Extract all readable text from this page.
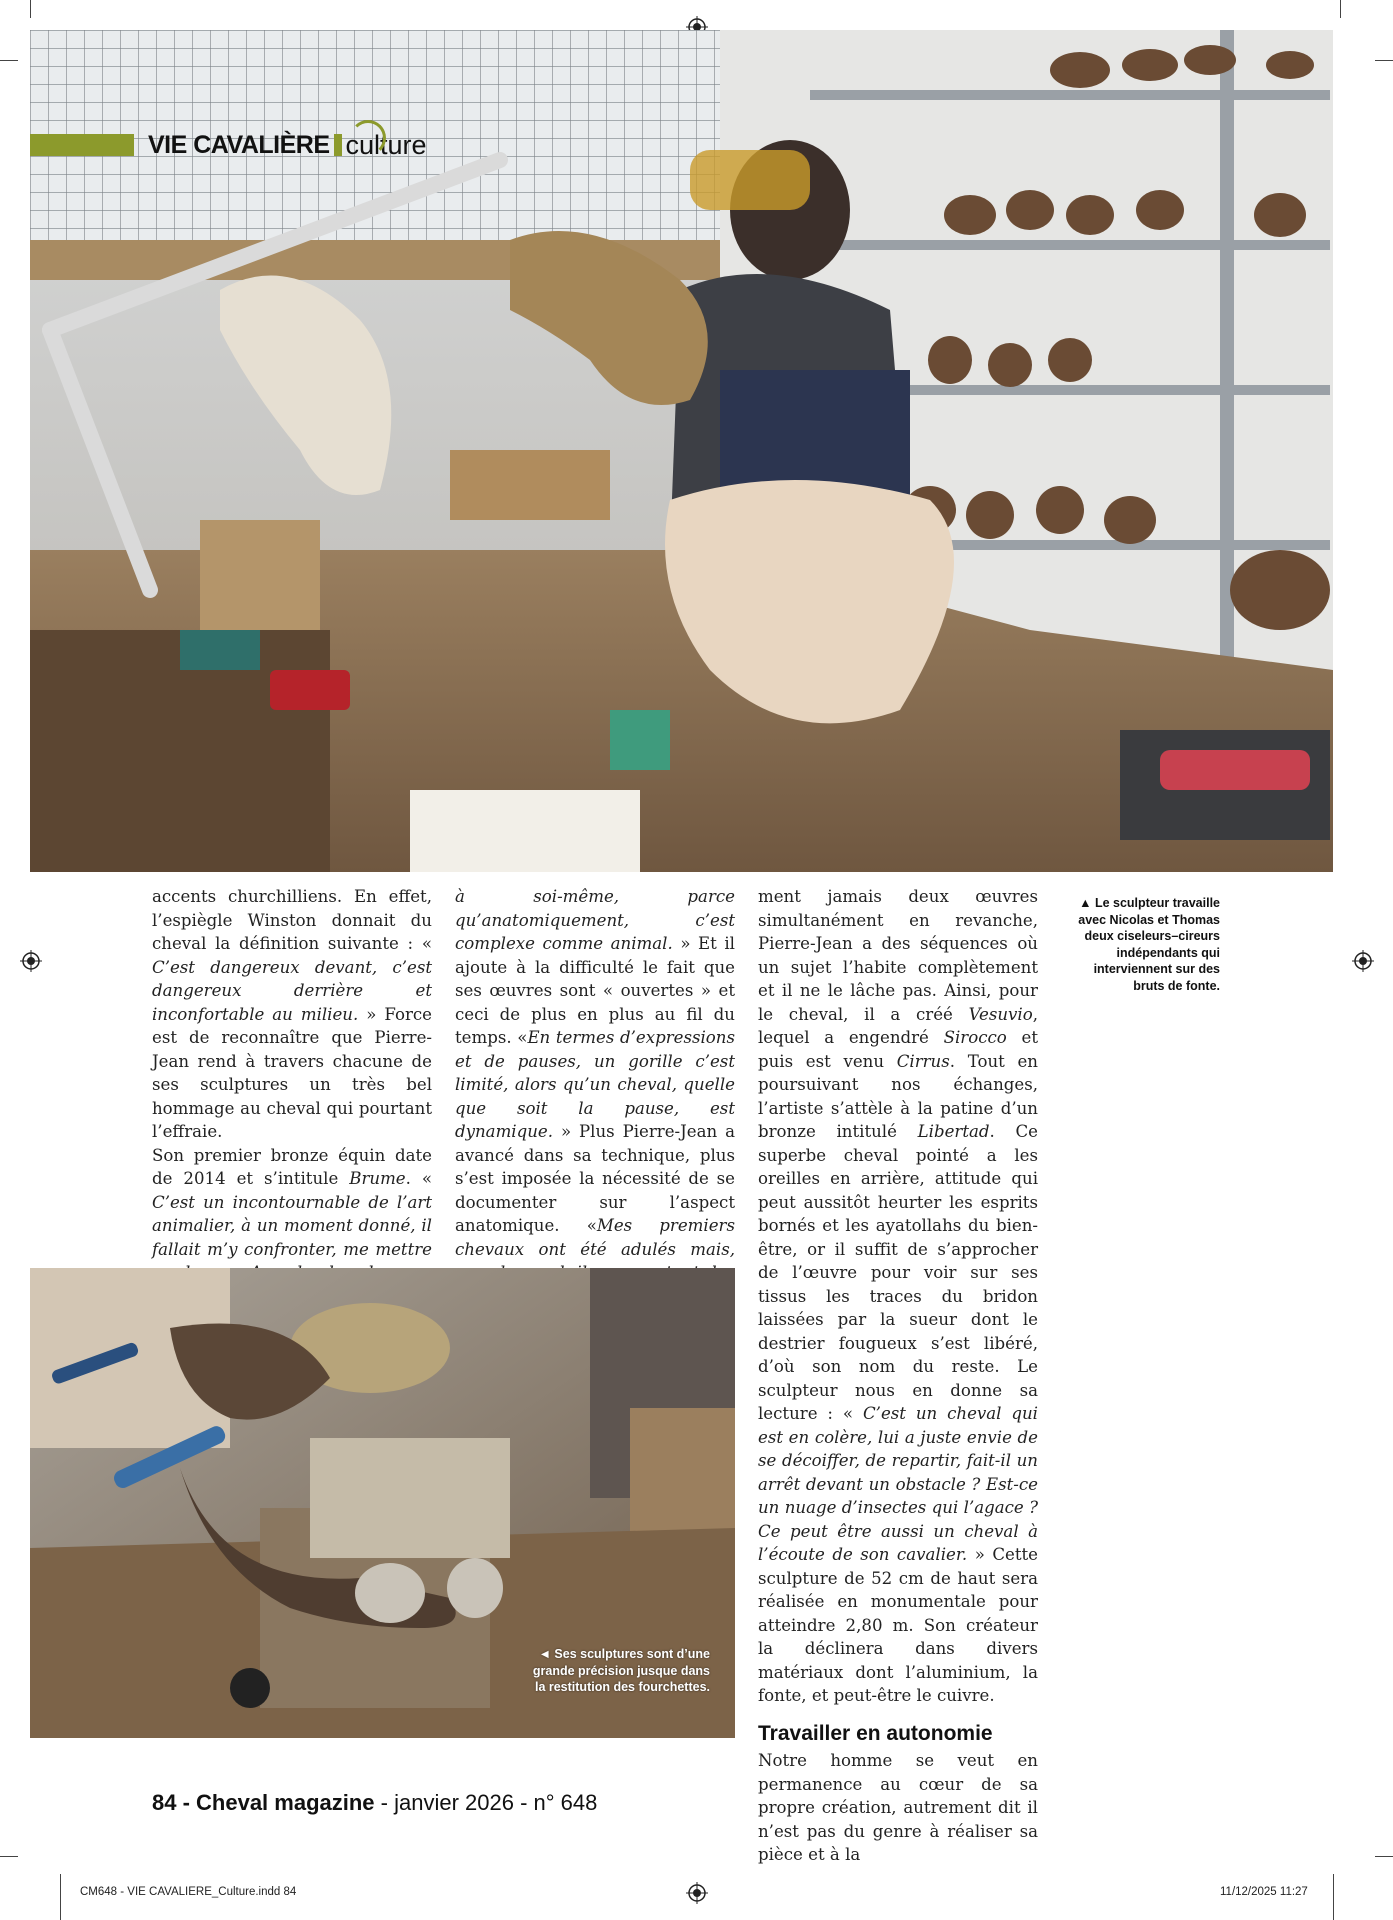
VIE CAVALIÈRE culture

accents churchilliens. En effet, l’espiègle Winston donnait du cheval la définition suivante : « C’est dangereux devant, c’est dangereux derrière et inconfortable au milieu. » Force est de reconnaître que Pierre-Jean rend à travers chacune de ses sculptures un très bel hommage au cheval qui pourtant l’effraie.

Son premier bronze équin date de 2014 et s’intitule Brume. « C’est un incontournable de l’art animalier, à un moment donné, il fallait m’y confronter, me mettre

à soi-même, parce qu’anatomiquement, c’est complexe comme animal. » Et il ajoute à la difficulté le fait que ses œuvres sont « ouvertes » et ceci de plus en plus au fil du temps. «En termes d’expressions et de pauses, un gorille c’est limité, alors qu’un cheval, quelle que soit la pause, est dynamique. » Plus Pierre-Jean a avancé dans sa technique, plus s’est imposée la nécessité de se documenter sur l’aspect anatomique. «Mes premiers chevaux ont été adulés mais,

ment jamais deux œuvres simultanément en revanche, Pierre-Jean a des séquences où un sujet l’habite complètement et il ne le lâche pas. Ainsi, pour le cheval, il a créé Vesuvio, lequel a engendré Sirocco et puis est venu Cirrus. Tout en poursuivant nos échanges, l’artiste s’attèle à la patine d’un bronze intitulé Libertad. Ce superbe cheval pointé a les oreilles en arrière, attitude qui peut aussitôt heurter les esprits bornés et les ayatollahs du bien-être, or il suffit de s’approcher de l’œuvre pour voir sur ses tissus les traces du bridon laissées par la sueur dont le destrier fougueux s’est libéré, d’où son nom du reste. Le sculpteur nous en donne sa lecture : « C’est un cheval qui est en colère, lui a juste envie de se décoiffer, de repartir, fait-il un arrêt devant un obstacle ? Est-ce un nuage d’insectes qui l’agace ? Ce peut être aussi un cheval à l’écoute de son cavalier. » Cette sculpture de 52 cm de haut sera réalisée en monumentale pour atteindre 2,80 m. Son créateur la déclinera dans divers matériaux dont l’aluminium, la fonte, et peut-être le cuivre.

Travailler en autonomie

Notre homme se veut en permanence au cœur de sa propre création, autrement dit il n’est pas du genre à réaliser sa pièce et à la

▲ Le sculpteur travaille avec Nicolas et Thomas deux ciseleurs–cireurs indépendants qui interviennent sur des bruts de fonte.
◄ Ses sculptures sont d’une grande précision jusque dans la restitution des fourchettes.
84 - Cheval magazine - janvier 2026 - n° 648
CM648 - VIE CAVALIERE_Culture.indd 84	11/12/2025 11:27
